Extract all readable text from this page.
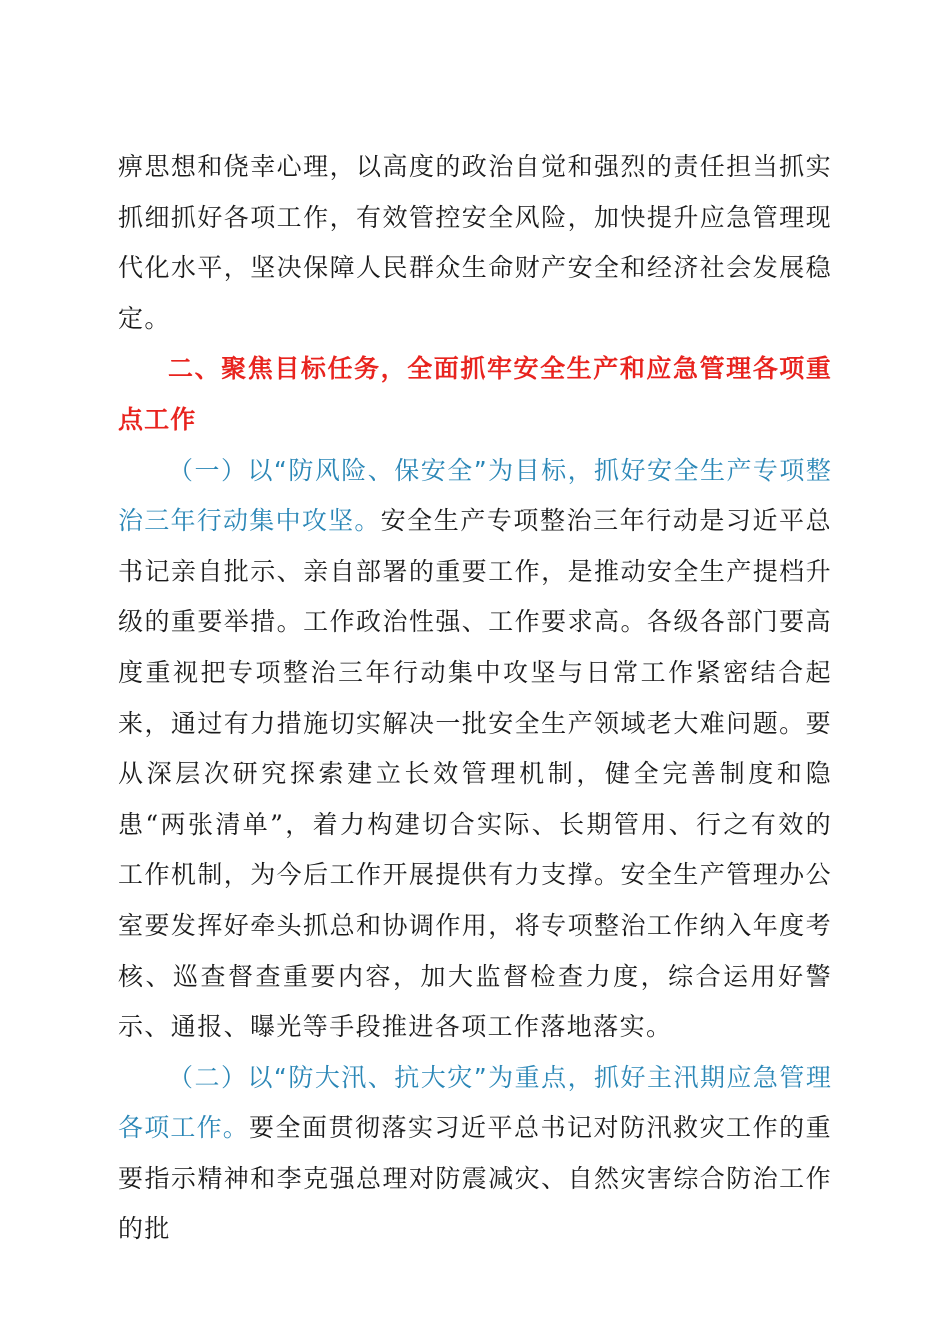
痹思想和侥幸心理，以高度的政治自觉和强烈的责任担当抓实抓细抓好各项工作，有效管控安全风险，加快提升应急管理现代化水平，坚决保障人民群众生命财产安全和经济社会发展稳定。

二、聚焦目标任务，全面抓牢安全生产和应急管理各项重点工作

（一）以“防风险、保安全”为目标，抓好安全生产专项整治三年行动集中攻坚。安全生产专项整治三年行动是习近平总书记亲自批示、亲自部署的重要工作，是推动安全生产提档升级的重要举措。工作政治性强、工作要求高。各级各部门要高度重视把专项整治三年行动集中攻坚与日常工作紧密结合起来，通过有力措施切实解决一批安全生产领域老大难问题。要从深层次研究探索建立长效管理机制，健全完善制度和隐患“两张清单”，着力构建切合实际、长期管用、行之有效的工作机制，为今后工作开展提供有力支撑。安全生产管理办公室要发挥好牵头抓总和协调作用，将专项整治工作纳入年度考核、巡查督查重要内容，加大监督检查力度，综合运用好警示、通报、曝光等手段推进各项工作落地落实。

（二）以“防大汛、抗大灾”为重点，抓好主汛期应急管理各项工作。要全面贯彻落实习近平总书记对防汛救灾工作的重要指示精神和李克强总理对防震减灾、自然灾害综合防治工作的批
